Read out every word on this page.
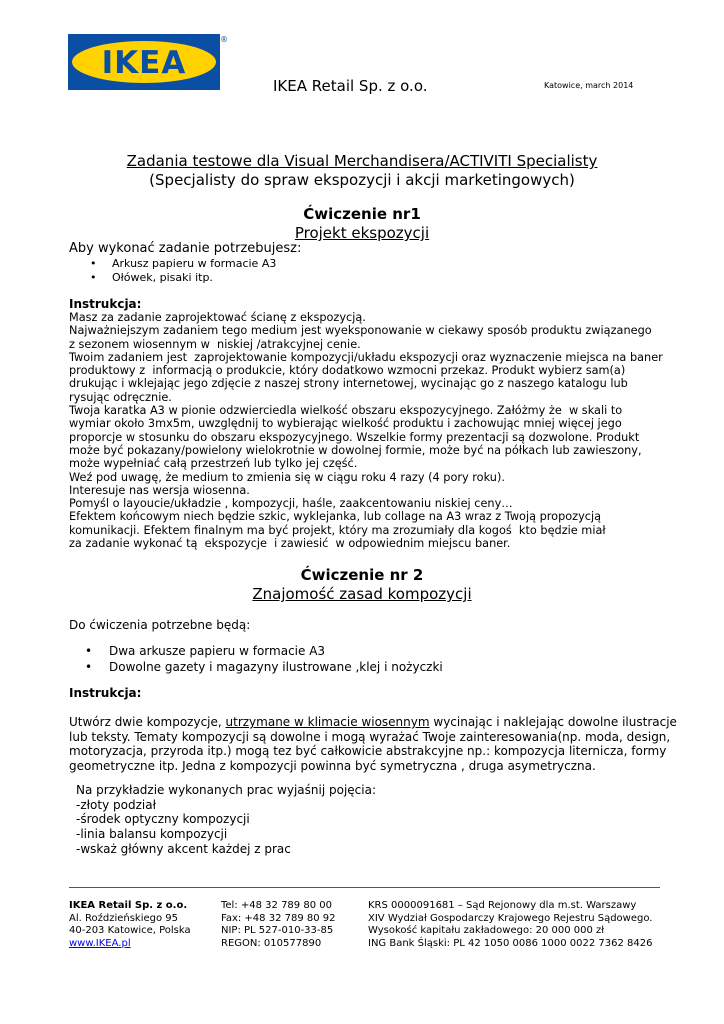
IKEA
®
IKEA Retail Sp. z o.o.	Katowice, march 2014
Zadania testowe dla Visual Merchandisera/ACTIVITI Specialisty
(Specjalisty do spraw ekspozycji i akcji marketingowych)
Ćwiczenie nr1
Projekt ekspozycji
Aby wykonać zadanie potrzebujesz:
• Arkusz papieru w formacie A3
• Ołówek, pisaki itp.
Instrukcja:

Masz za zadanie zaprojektować ścianę z ekspozycją.

Najważniejszym zadaniem tego medium jest wyeksponowanie w ciekawy sposób produktu związanego

z sezonem wiosennym w  niskiej /atrakcyjnej cenie.

Twoim zadaniem jest  zaprojektowanie kompozycji/układu ekspozycji oraz wyznaczenie miejsca na baner

produktowy z  informacją o produkcie, który dodatkowo wzmocni przekaz. Produkt wybierz sam(a)

drukując i wklejając jego zdjęcie z naszej strony internetowej, wycinając go z naszego katalogu lub

rysując odręcznie.

Twoja karatka A3 w pionie odzwierciedla wielkość obszaru ekspozycyjnego. Załóżmy że  w skali to

wymiar około 3mx5m, uwzględnij to wybierając wielkość produktu i zachowując mniej więcej jego

proporcje w stosunku do obszaru ekspozycyjnego. Wszelkie formy prezentacji są dozwolone. Produkt

może być pokazany/powielony wielokrotnie w dowolnej formie, może być na półkach lub zawieszony,

może wypełniać całą przestrzeń lub tylko jej część.

Weź pod uwagę, że medium to zmienia się w ciągu roku 4 razy (4 pory roku).

Interesuje nas wersja wiosenna.

Pomyśl o layoucie/układzie , kompozycji, haśle, zaakcentowaniu niskiej ceny…

Efektem końcowym niech będzie szkic, wyklejanka, lub collage na A3 wraz z Twoją propozycją

komunikacji. Efektem finalnym ma być projekt, który ma zrozumiały dla kogoś  kto będzie miał

za zadanie wykonać tą  ekspozycje  i zawiesić  w odpowiednim miejscu baner.

Ćwiczenie nr 2
Znajomość zasad kompozycji
Do ćwiczenia potrzebne będą:
• Dwa arkusze papieru w formacie A3
• Dowolne gazety i magazyny ilustrowane ,klej i nożyczki
Instrukcja:

Utwórz dwie kompozycje, utrzymane w klimacie wiosennym wycinając i naklejając dowolne ilustracje

lub teksty. Tematy kompozycji są dowolne i mogą wyrażać Twoje zainteresowania(np. moda, design,

motoryzacja, przyroda itp.) mogą tez być całkowicie abstrakcyjne np.: kompozycja liternicza, formy

geometryczne itp. Jedna z kompozycji powinna być symetryczna , druga asymetryczna.

Na przykładzie wykonanych prac wyjaśnij pojęcia:

-złoty podział

-środek optyczny kompozycji

-linia balansu kompozycji

-wskaż główny akcent każdej z prac

IKEA Retail Sp. z o.o.
Al. Roździeńskiego 95
40-203 Katowice, Polska
www.IKEA.pl
Tel: +48 32 789 80 00
Fax: +48 32 789 80 92
NIP: PL 527-010-33-85
REGON: 010577890
KRS 0000091681 – Sąd Rejonowy dla m.st. Warszawy
XIV Wydział Gospodarczy Krajowego Rejestru Sądowego.
Wysokość kapitału zakładowego: 20 000 000 zł
ING Bank Śląski: PL 42 1050 0086 1000 0022 7362 8426
